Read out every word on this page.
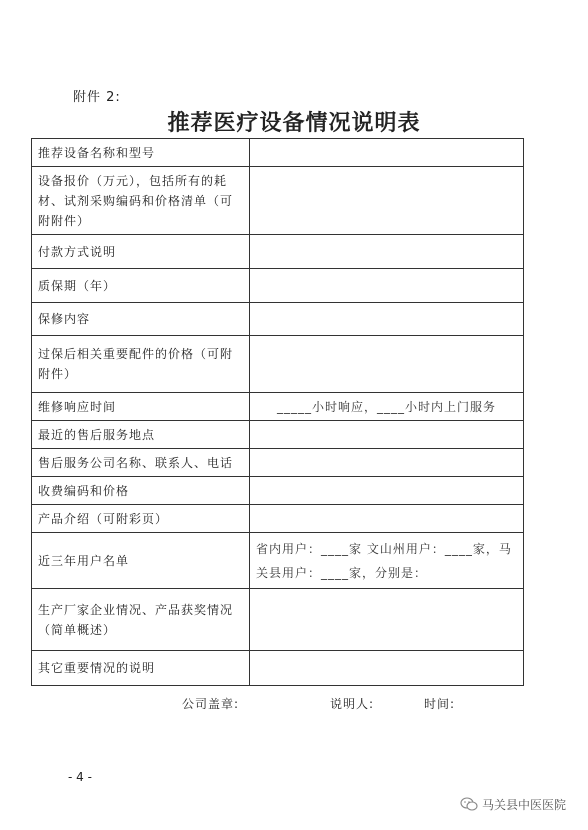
附件 2:
推荐医疗设备情况说明表
推荐设备名称和型号	
设备报价（万元），包括所有的耗材、试剂采购编码和价格清单（可附附件）	
付款方式说明	
质保期（年）	
保修内容	
过保后相关重要配件的价格（可附附件）	
维修响应时间	_____小时响应，____小时内上门服务
最近的售后服务地点	
售后服务公司名称、联系人、电话	
收费编码和价格	
产品介绍（可附彩页）	
近三年用户名单	省内用户：____家 文山州用户：____家，马关县用户：____家，分别是：
生产厂家企业情况、产品获奖情况（简单概述）	
其它重要情况的说明	
公司盖章:	说明人:	时间:
- 4 -
马关县中医医院
